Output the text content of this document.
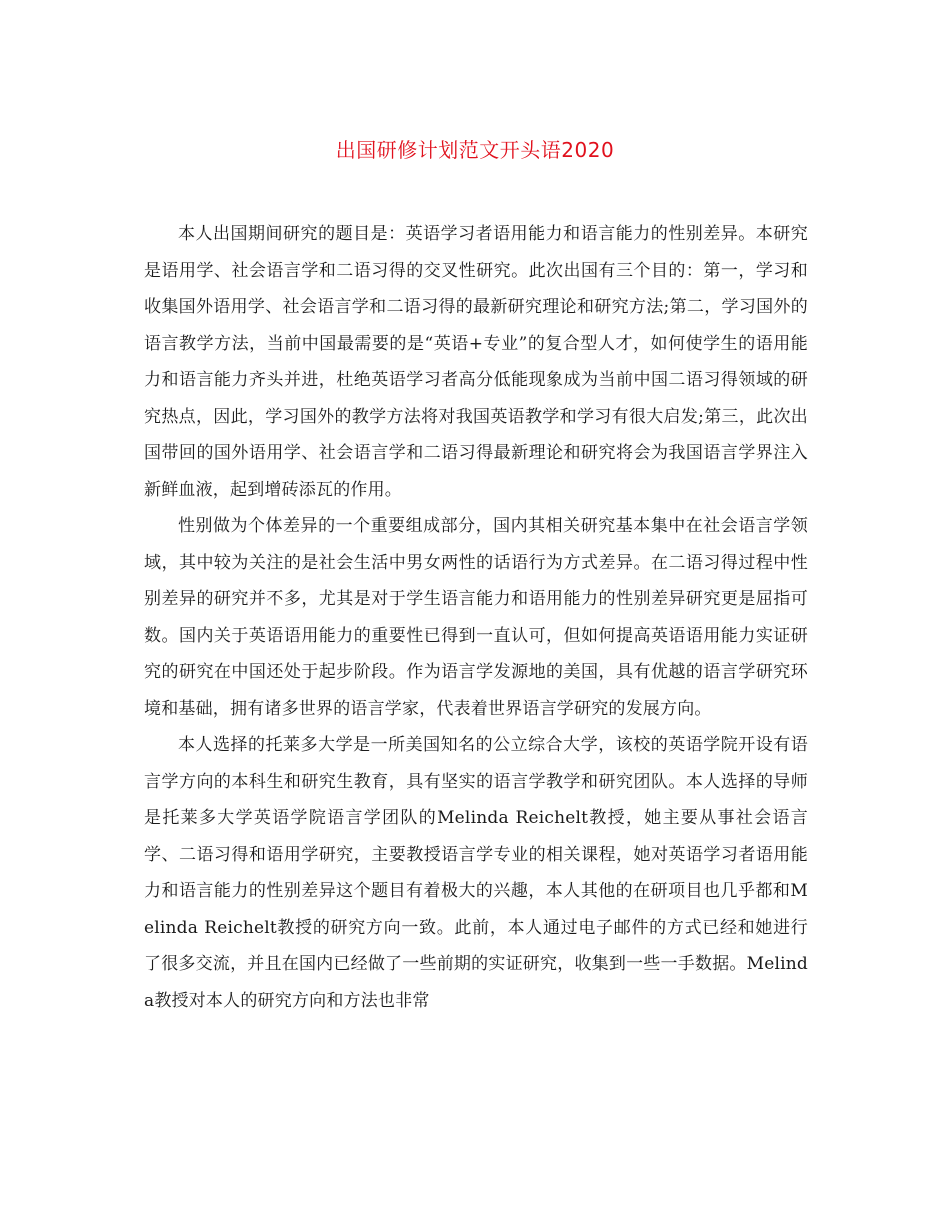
出国研修计划范文开头语2020

本人出国期间研究的题目是：英语学习者语用能力和语言能力的性别差异。本研究是语用学、社会语言学和二语习得的交叉性研究。此次出国有三个目的：第一，学习和收集国外语用学、社会语言学和二语习得的最新研究理论和研究方法;第二，学习国外的语言教学方法，当前中国最需要的是“英语+专业”的复合型人才，如何使学生的语用能力和语言能力齐头并进，杜绝英语学习者高分低能现象成为当前中国二语习得领域的研究热点，因此，学习国外的教学方法将对我国英语教学和学习有很大启发;第三，此次出国带回的国外语用学、社会语言学和二语习得最新理论和研究将会为我国语言学界注入新鲜血液，起到增砖添瓦的作用。

性别做为个体差异的一个重要组成部分，国内其相关研究基本集中在社会语言学领域，其中较为关注的是社会生活中男女两性的话语行为方式差异。在二语习得过程中性别差异的研究并不多，尤其是对于学生语言能力和语用能力的性别差异研究更是屈指可数。国内关于英语语用能力的重要性已得到一直认可，但如何提高英语语用能力实证研究的研究在中国还处于起步阶段。作为语言学发源地的美国，具有优越的语言学研究环境和基础，拥有诸多世界的语言学家，代表着世界语言学研究的发展方向。

本人选择的托莱多大学是一所美国知名的公立综合大学，该校的英语学院开设有语言学方向的本科生和研究生教育，具有坚实的语言学教学和研究团队。本人选择的导师是托莱多大学英语学院语言学团队的Melinda Reichelt教授，她主要从事社会语言学、二语习得和语用学研究，主要教授语言学专业的相关课程，她对英语学习者语用能力和语言能力的性别差异这个题目有着极大的兴趣，本人其他的在研项目也几乎都和Melinda Reichelt教授的研究方向一致。此前，本人通过电子邮件的方式已经和她进行了很多交流，并且在国内已经做了一些前期的实证研究，收集到一些一手数据。Melinda教授对本人的研究方向和方法也非常
